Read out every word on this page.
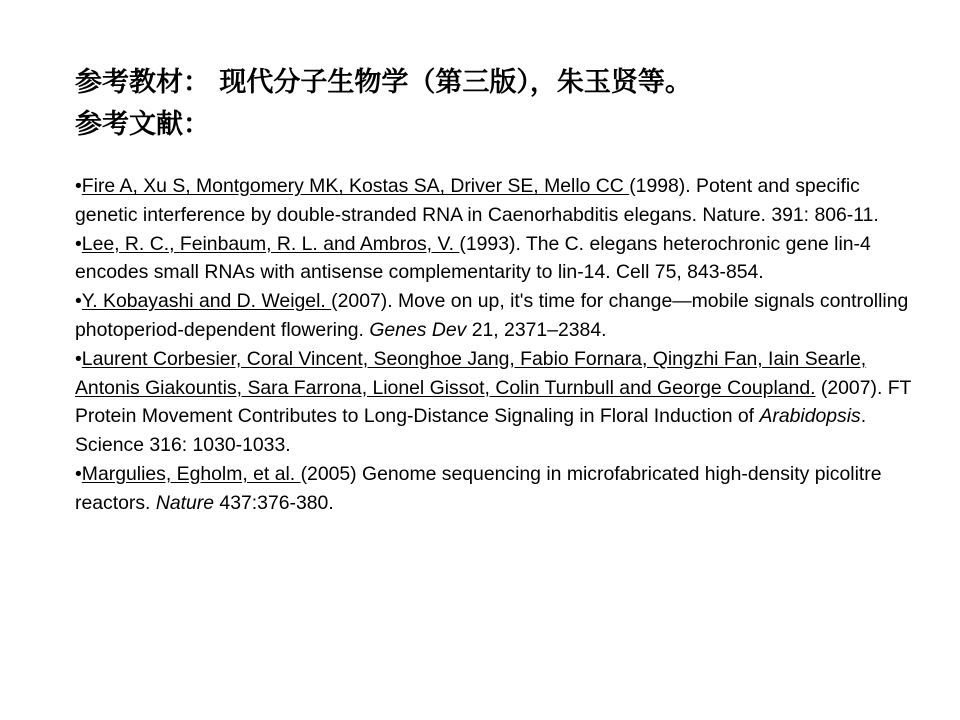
参考教材： 现代分子生物学（第三版），朱玉贤等。
参考文献：

•Fire A, Xu S, Montgomery MK, Kostas SA, Driver SE, Mello CC (1998). Potent and specific genetic interference by double-stranded RNA in Caenorhabditis elegans. Nature. 391: 806-11.

•Lee, R. C., Feinbaum, R. L. and Ambros, V. (1993). The C. elegans heterochronic gene lin-4 encodes small RNAs with antisense complementarity to lin-14. Cell 75, 843-854.

•Y. Kobayashi and D. Weigel. (2007). Move on up, it's time for change—mobile signals controlling photoperiod-dependent flowering. Genes Dev 21, 2371–2384.

•Laurent Corbesier, Coral Vincent, Seonghoe Jang, Fabio Fornara, Qingzhi Fan, Iain Searle, Antonis Giakountis, Sara Farrona, Lionel Gissot, Colin Turnbull and George Coupland. (2007). FT Protein Movement Contributes to Long-Distance Signaling in Floral Induction of Arabidopsis. Science 316: 1030-1033.

•Margulies, Egholm, et al. (2005) Genome sequencing in microfabricated high-density picolitre reactors. Nature 437:376-380.
